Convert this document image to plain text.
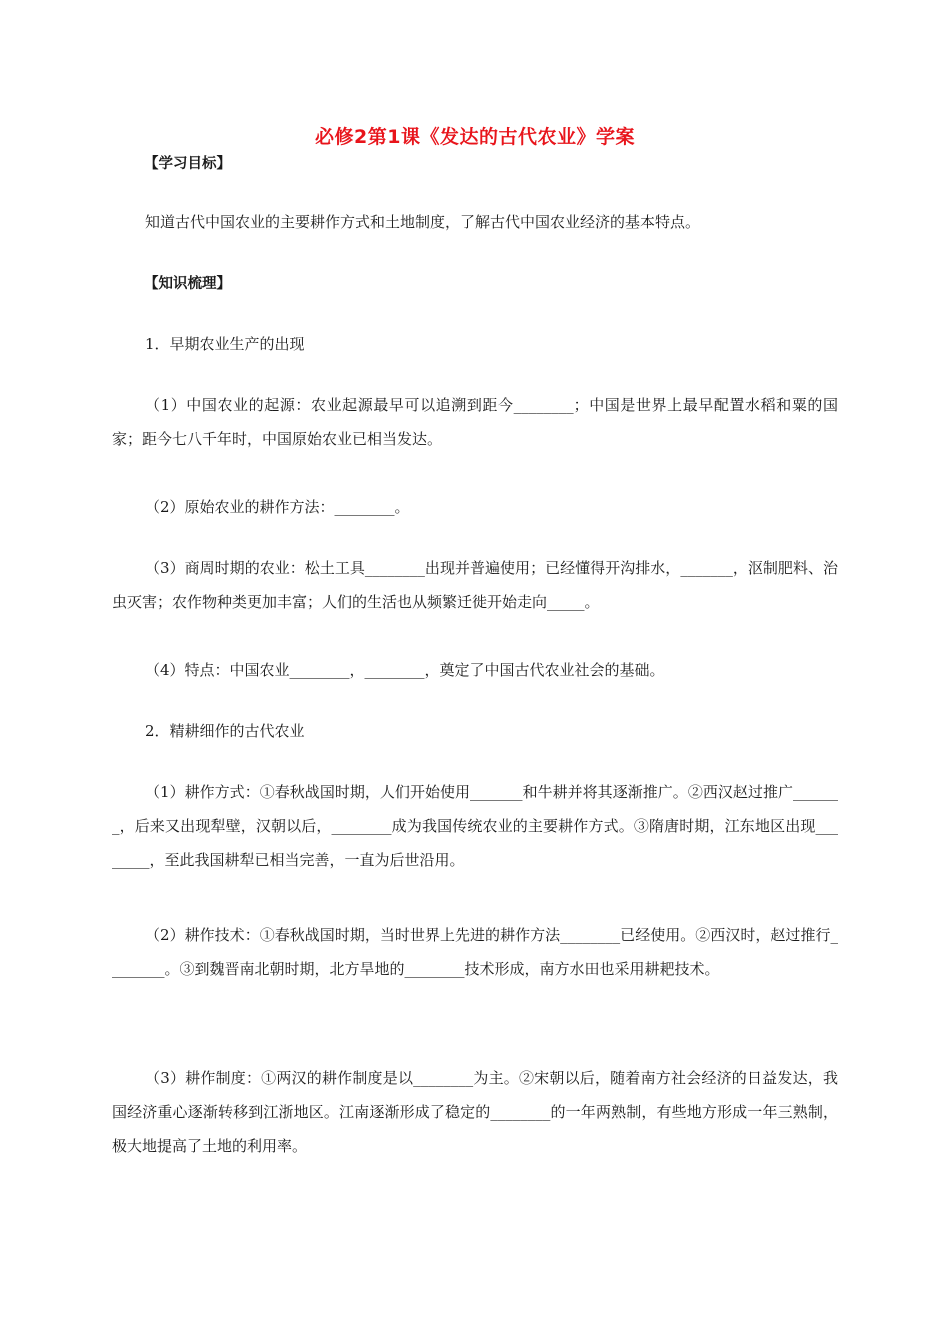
必修2第1课《发达的古代农业》学案
【学习目标】
知道古代中国农业的主要耕作方式和土地制度，了解古代中国农业经济的基本特点。
【知识梳理】
1．早期农业生产的出现
（1）中国农业的起源：农业起源最早可以追溯到距今________；中国是世界上最早配置水稻和粟的国家；距今七八千年时，中国原始农业已相当发达。
（2）原始农业的耕作方法：________。
（3）商周时期的农业：松土工具________出现并普遍使用；已经懂得开沟排水，_______，沤制肥料、治虫灭害；农作物种类更加丰富；人们的生活也从频繁迁徙开始走向_____。
（4）特点：中国农业________，________，奠定了中国古代农业社会的基础。
2．精耕细作的古代农业
（1）耕作方式：①春秋战国时期，人们开始使用_______和牛耕并将其逐渐推广。②西汉赵过推广_______，后来又出现犁壁，汉朝以后，________成为我国传统农业的主要耕作方式。③隋唐时期，江东地区出现________，至此我国耕犁已相当完善，一直为后世沿用。
（2）耕作技术：①春秋战国时期，当时世界上先进的耕作方法________已经使用。②西汉时，赵过推行________。③到魏晋南北朝时期，北方旱地的________技术形成，南方水田也采用耕耙技术。
（3）耕作制度：①两汉的耕作制度是以________为主。②宋朝以后，随着南方社会经济的日益发达，我国经济重心逐渐转移到江浙地区。江南逐渐形成了稳定的________的一年两熟制，有些地方形成一年三熟制，极大地提高了土地的利用率。
